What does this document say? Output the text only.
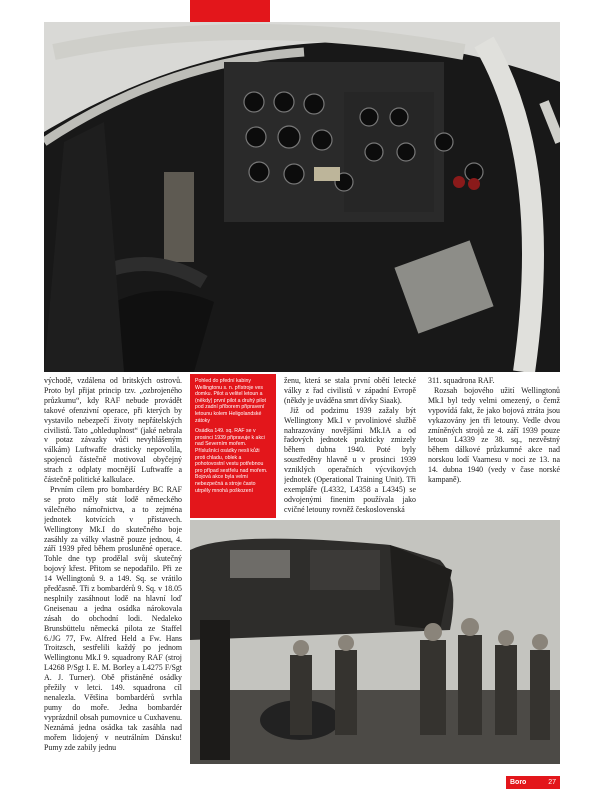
východě, vzdálena od britských ostrovů. Proto byl přijat princip tzv. „ozbrojeného průzkumu“, kdy RAF nebude provádět takové ofenzivní operace, při kterých by vystavilo nebezpečí životy nepřátelských civilistů. Tato „ohleduplnost“ (jaké nebrala v potaz závazky vůči nevyhlášeným válkám) Luftwaffe drasticky nepovolila, spojenců částečně motivoval obyčejný strach z odplaty mocnější Luftwaffe a částečně politické kalkulace.

Prvním cílem pro bombardéry BC RAF se proto měly stát lodě německého válečného námořnictva, a to zejména jednotek kotvících v přístavech. Wellingtony Mk.I do skutečného boje zasáhly za války vlastně pouze jednou, 4. září 1939 před během prosluněné operace. Tohle dne typ prodělal svůj skutečný bojový křest. Přitom se nepodařilo. Při ze 14 Wellingtonů 9. a 149. Sq. se vrátilo předčasně. Tři z bombardérů 9. Sq. v 18.05 nesplnily zasáhnout lodě na hlavní loď Gneisenau a jedna osádka nárokovala zásah do obchodní lodi. Nedaleko Brunsbüttelu německá pilota ze Staffel 6./JG 77, Fw. Alfred Held a Fw. Hans Troitzsch, sestřelili každý po jednom Wellingtonu Mk.I 9. squadrony RAF (stroj L4268 P/Sgt I. E. M. Borley a L4275 F/Sgt A. J. Turner). Obě přistáněné osádky přežily v letci. 149. squadrona cíl nenalezla. Většina bombardérů svrhla pumy do moře. Jedna bombardér vyprázdnil obsah pumovnice u Cuxhavenu. Neznámá jedna osádka tak zasáhla nad mořem lidojený v neutrálním Dánsku! Pumy zde zabily jednu

Pohled do přední kabiny Wellingtonu s. n. přístroje ves domku. Pilot a velitel letoun a (někdy) první pilot a druhý pilot pod zadní příborem připravení letounu kolem Heligolandské zátoky

Osádka 149. sq. RAF se v prosinci 1939 připravuje k akci nad Severním mořem. Příslušníci osádky nesli kůži proti chladu, oblek a pohotovostní vestu potřebnou pro případ sestřelu nad mořem. Bojová akce byla velmi nebezpečná a stroje často utrpěly mnohá poškození

ženu, která se stala první obětí letecké války z řad civilistů v západní Evropě (někdy je uváděna smrt dívky Siaak).

Již od podzimu 1939 zažaly být Wellingtony Mk.I v prvoliniové službě nahrazovány novějšími Mk.IA a od řadových jednotek prakticky zmizely během dubna 1940. Poté byly soustředěny hlavně u v prosinci 1939 vzniklých operačních výcvikových jednotek (Operational Training Unit). Tři exempláře (L4332, L4358 a L4345) se odvojenými finenim používala jako cvičné letouny rovněž československá

311. squadrona RAF.

Rozsah bojového užití Wellingtonů Mk.I byl tedy velmi omezený, o čemž vypovídá fakt, že jako bojová ztráta jsou vykazovány jen tři letouny. Vedle dvou zmíněných strojů ze 4. září 1939 pouze letoun L4339 ze 38. sq., nezvěstný během dálkové průzkumné akce nad norskou lodí Vaarnesu v noci ze 13. na 14. dubna 1940 (vedy v čase norské kampaně).

Boro	27
